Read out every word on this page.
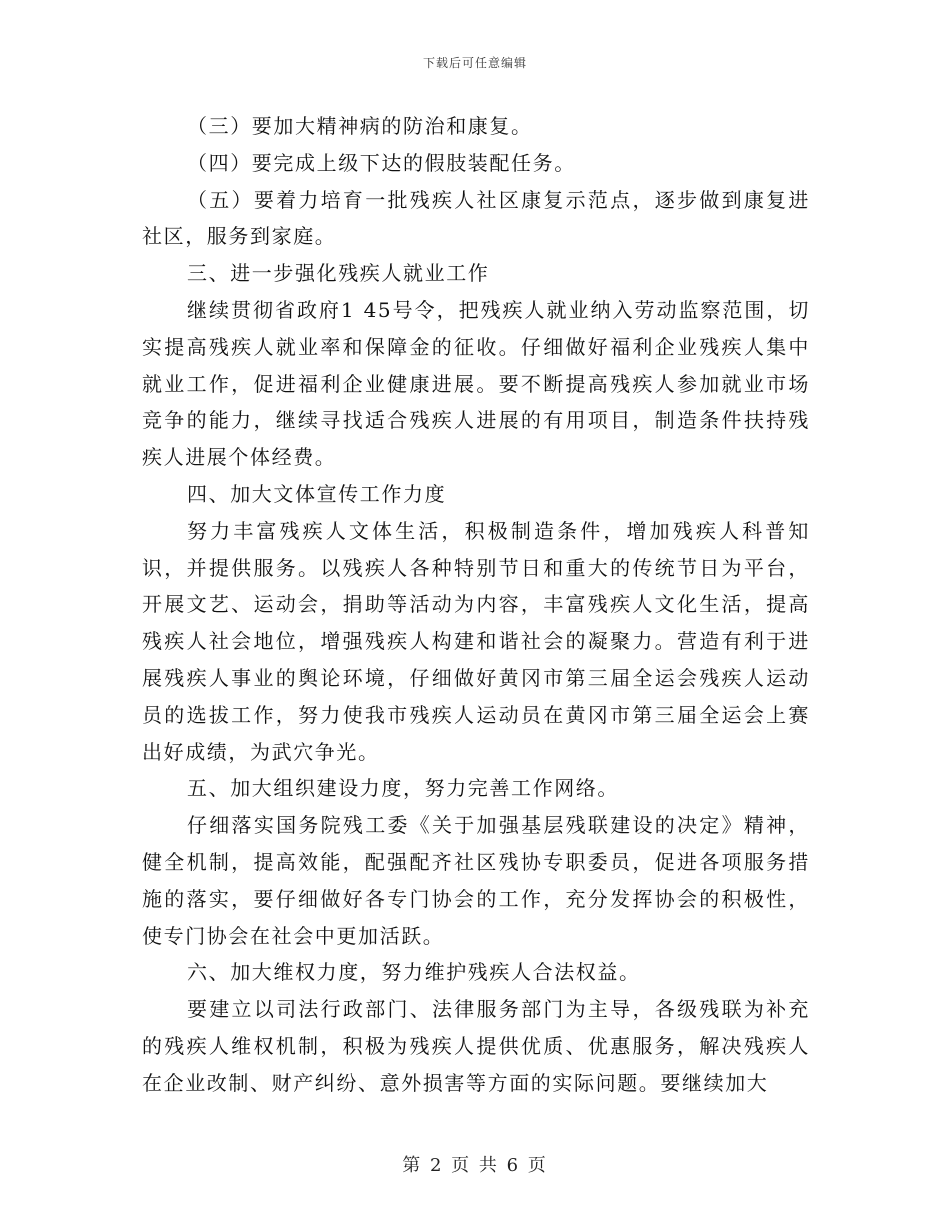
下载后可任意编辑

（三）要加大精神病的防治和康复。

（四）要完成上级下达的假肢装配任务。

（五）要着力培育一批残疾人社区康复示范点，逐步做到康复进社区，服务到家庭。

三、进一步强化残疾人就业工作

继续贯彻省政府1 45号令，把残疾人就业纳入劳动监察范围，切实提高残疾人就业率和保障金的征收。仔细做好福利企业残疾人集中就业工作，促进福利企业健康进展。要不断提高残疾人参加就业市场竞争的能力，继续寻找适合残疾人进展的有用项目，制造条件扶持残疾人进展个体经费。

四、加大文体宣传工作力度

努力丰富残疾人文体生活，积极制造条件，增加残疾人科普知识，并提供服务。以残疾人各种特别节日和重大的传统节日为平台，开展文艺、运动会，捐助等活动为内容，丰富残疾人文化生活，提高残疾人社会地位，增强残疾人构建和谐社会的凝聚力。营造有利于进展残疾人事业的舆论环境，仔细做好黄冈市第三届全运会残疾人运动员的选拔工作，努力使我市残疾人运动员在黄冈市第三届全运会上赛出好成绩，为武穴争光。

五、加大组织建设力度，努力完善工作网络。

仔细落实国务院残工委《关于加强基层残联建设的决定》精神，健全机制，提高效能，配强配齐社区残协专职委员，促进各项服务措施的落实，要仔细做好各专门协会的工作，充分发挥协会的积极性，使专门协会在社会中更加活跃。

六、加大维权力度，努力维护残疾人合法权益。

要建立以司法行政部门、法律服务部门为主导，各级残联为补充的残疾人维权机制，积极为残疾人提供优质、优惠服务，解决残疾人在企业改制、财产纠纷、意外损害等方面的实际问题。要继续加大

第 2 页 共 6 页
